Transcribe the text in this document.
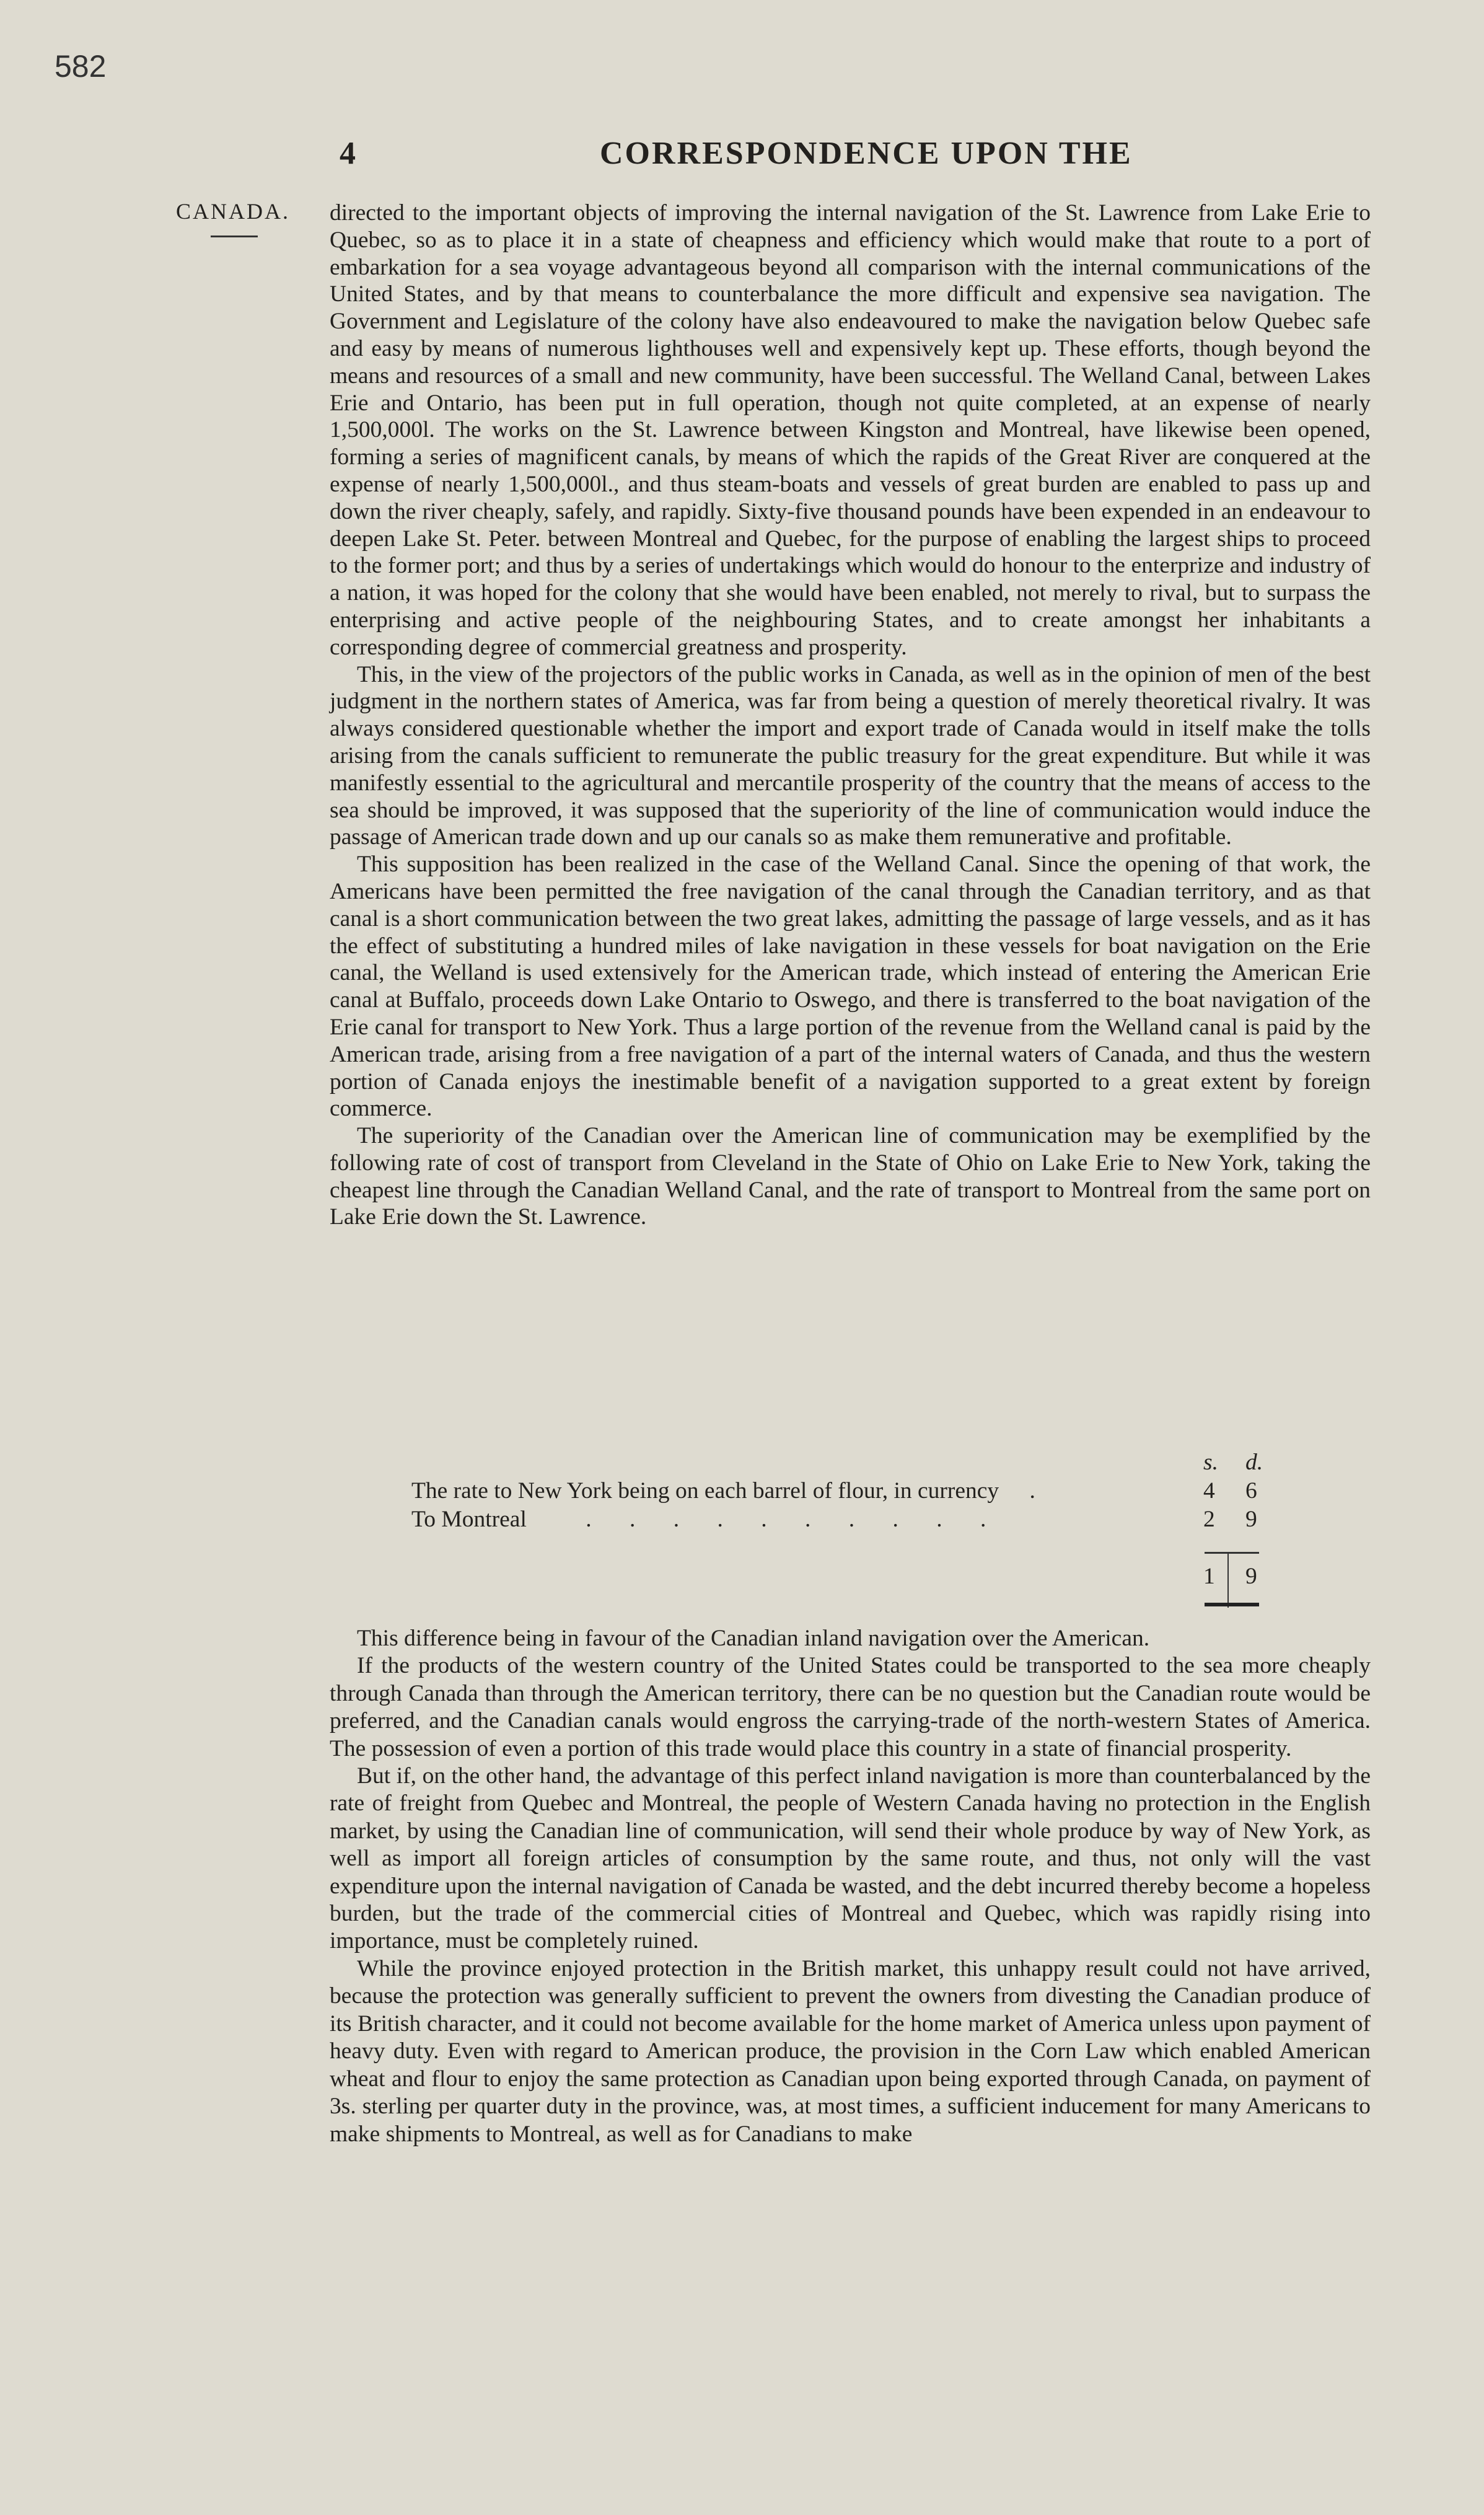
582
4	CORRESPONDENCE UPON THE
CANADA. directed to the important objects of improving the internal navigation of the St. Lawrence from Lake Erie to Quebec, so as to place it in a state of cheapness and efficiency which would make that route to a port of embarkation for a sea voyage advantageous beyond all comparison with the internal communications of the United States, and by that means to counterbalance the more difficult and expensive sea navigation. The Government and Legislature of the colony have also endeavoured to make the navigation below Quebec safe and easy by means of numerous lighthouses well and expensively kept up. These efforts, though beyond the means and resources of a small and new community, have been successful. The Welland Canal, between Lakes Erie and Ontario, has been put in full operation, though not quite completed, at an expense of nearly 1,500,000l. The works on the St. Lawrence between Kingston and Montreal, have likewise been opened, forming a series of magnificent canals, by means of which the rapids of the Great River are conquered at the expense of nearly 1,500,000l., and thus steam-boats and vessels of great burden are enabled to pass up and down the river cheaply, safely, and rapidly. Sixty-five thousand pounds have been expended in an endeavour to deepen Lake St. Peter. between Montreal and Quebec, for the purpose of enabling the largest ships to proceed to the former port; and thus by a series of undertakings which would do honour to the enterprize and industry of a nation, it was hoped for the colony that she would have been enabled, not merely to rival, but to surpass the enterprising and active people of the neighbouring States, and to create amongst her inhabitants a corresponding degree of commercial greatness and prosperity.

This, in the view of the projectors of the public works in Canada, as well as in the opinion of men of the best judgment in the northern states of America, was far from being a question of merely theoretical rivalry. It was always considered questionable whether the import and export trade of Canada would in itself make the tolls arising from the canals sufficient to remunerate the public treasury for the great expenditure. But while it was manifestly essential to the agricultural and mercantile prosperity of the country that the means of access to the sea should be improved, it was supposed that the superiority of the line of communication would induce the passage of American trade down and up our canals so as make them remunerative and profitable.

This supposition has been realized in the case of the Welland Canal. Since the opening of that work, the Americans have been permitted the free navigation of the canal through the Canadian territory, and as that canal is a short communication between the two great lakes, admitting the passage of large vessels, and as it has the effect of substituting a hundred miles of lake navigation in these vessels for boat navigation on the Erie canal, the Welland is used extensively for the American trade, which instead of entering the American Erie canal at Buffalo, proceeds down Lake Ontario to Oswego, and there is transferred to the boat navigation of the Erie canal for transport to New York. Thus a large portion of the revenue from the Welland canal is paid by the American trade, arising from a free navigation of a part of the internal waters of Canada, and thus the western portion of Canada enjoys the inestimable benefit of a navigation supported to a great extent by foreign commerce.

The superiority of the Canadian over the American line of communication may be exemplified by the following rate of cost of transport from Cleveland in the State of Ohio on Lake Erie to New York, taking the cheapest line through the Canadian Welland Canal, and the rate of transport to Montreal from the same port on Lake Erie down the St. Lawrence.

s. d.
The rate to New York being on each barrel of flour, in currency .	4 6
To Montreal	. . . . . . . . . .	2 9
1 9

This difference being in favour of the Canadian inland navigation over the American.

If the products of the western country of the United States could be transported to the sea more cheaply through Canada than through the American territory, there can be no question but the Canadian route would be preferred, and the Canadian canals would engross the carrying-trade of the north-western States of America. The possession of even a portion of this trade would place this country in a state of financial prosperity.

But if, on the other hand, the advantage of this perfect inland navigation is more than counterbalanced by the rate of freight from Quebec and Montreal, the people of Western Canada having no protection in the English market, by using the Canadian line of communication, will send their whole produce by way of New York, as well as import all foreign articles of consumption by the same route, and thus, not only will the vast expenditure upon the internal navigation of Canada be wasted, and the debt incurred thereby become a hopeless burden, but the trade of the commercial cities of Montreal and Quebec, which was rapidly rising into importance, must be completely ruined.

While the province enjoyed protection in the British market, this unhappy result could not have arrived, because the protection was generally sufficient to prevent the owners from divesting the Canadian produce of its British character, and it could not become available for the home market of America unless upon payment of heavy duty. Even with regard to American produce, the provision in the Corn Law which enabled American wheat and flour to enjoy the same protection as Canadian upon being exported through Canada, on payment of 3s. sterling per quarter duty in the province, was, at most times, a sufficient inducement for many Americans to make shipments to Montreal, as well as for Canadians to make
